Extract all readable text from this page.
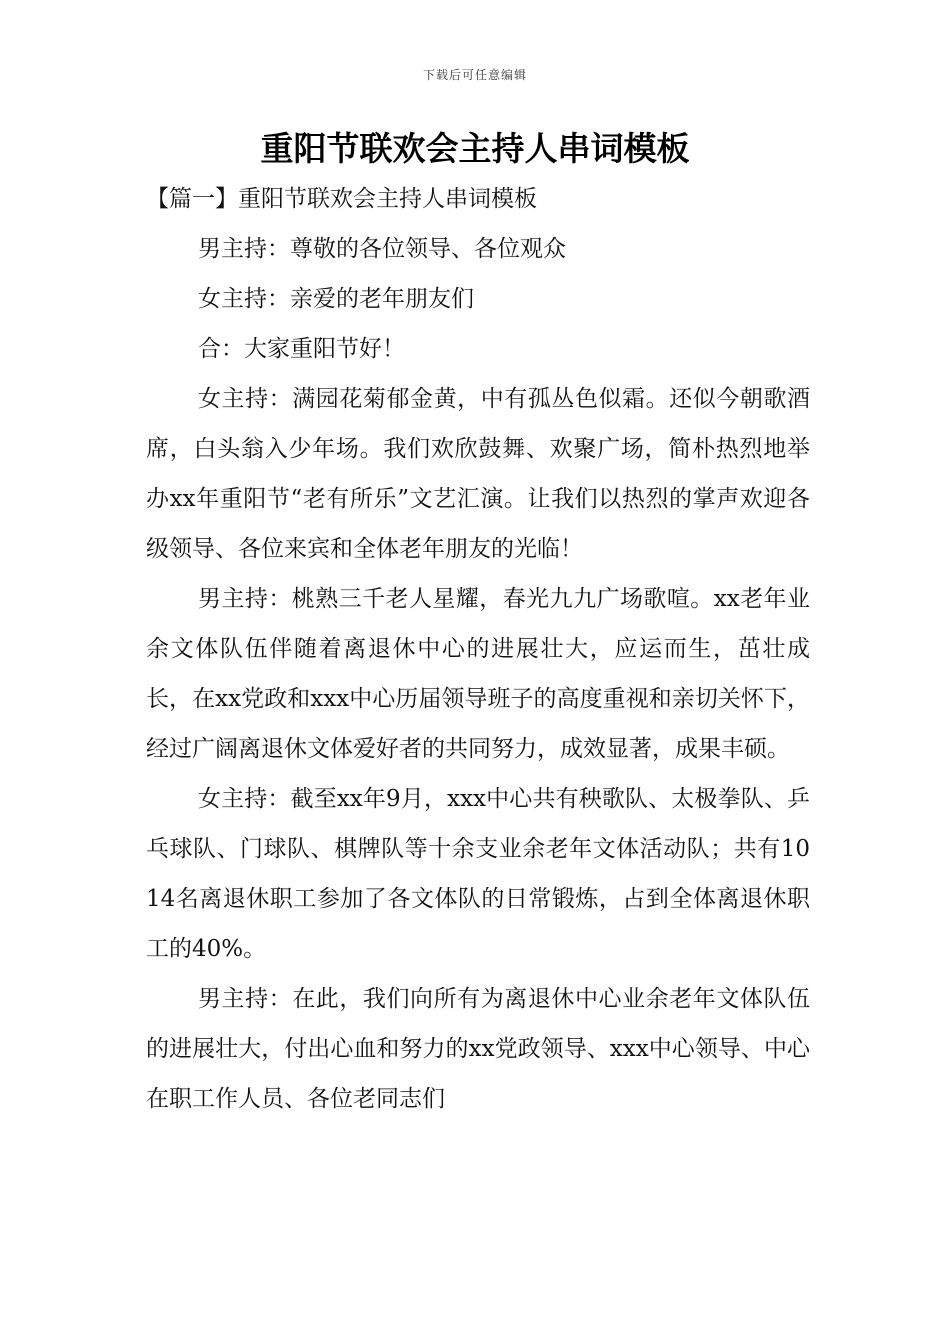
下载后可任意编辑
重阳节联欢会主持人串词模板

【篇一】重阳节联欢会主持人串词模板

男主持：尊敬的各位领导、各位观众

女主持：亲爱的老年朋友们

合：大家重阳节好！

女主持：满园花菊郁金黄，中有孤丛色似霜。还似今朝歌酒席，白头翁入少年场。我们欢欣鼓舞、欢聚广场，简朴热烈地举办xx年重阳节“老有所乐”文艺汇演。让我们以热烈的掌声欢迎各级领导、各位来宾和全体老年朋友的光临！

男主持：桃熟三千老人星耀，春光九九广场歌喧。xx老年业余文体队伍伴随着离退休中心的进展壮大，应运而生，茁壮成长，在xx党政和xxx中心历届领导班子的高度重视和亲切关怀下，经过广阔离退休文体爱好者的共同努力，成效显著，成果丰硕。

女主持：截至xx年9月，xxx中心共有秧歌队、太极拳队、乒乓球队、门球队、棋牌队等十余支业余老年文体活动队；共有1014名离退休职工参加了各文体队的日常锻炼，占到全体离退休职工的40%。

男主持：在此，我们向所有为离退休中心业余老年文体队伍的进展壮大，付出心血和努力的xx党政领导、xxx中心领导、中心在职工作人员、各位老同志们
